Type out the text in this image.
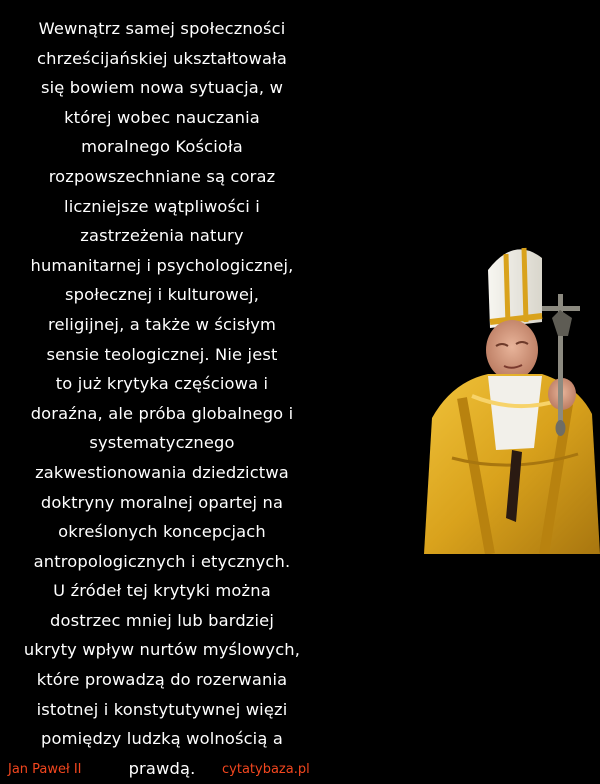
Wewnątrz samej społeczności
chrześcijańskiej ukształtowała
się bowiem nowa sytuacja, w
której wobec nauczania
moralnego Kościoła
rozpowszechniane są coraz
liczniejsze wątpliwości i
zastrzeżenia natury
humanitarnej i psychologicznej,
społecznej i kulturowej,
religijnej, a także w ścisłym
sensie teologicznej. Nie jest
to już krytyka częściowa i
doraźna, ale próba globalnego i
systematycznego
zakwestionowania dziedzictwa
doktryny moralnej opartej na
określonych koncepcjach
antropologicznych i etycznych.
U źródeł tej krytyki można
dostrzec mniej lub bardziej
ukryty wpływ nurtów myślowych,
które prowadzą do rozerwania
istotnej i konstytutywnej więzi
pomiędzy ludzką wolnością a
prawdą.
Jan Paweł II	cytatybaza.pl
